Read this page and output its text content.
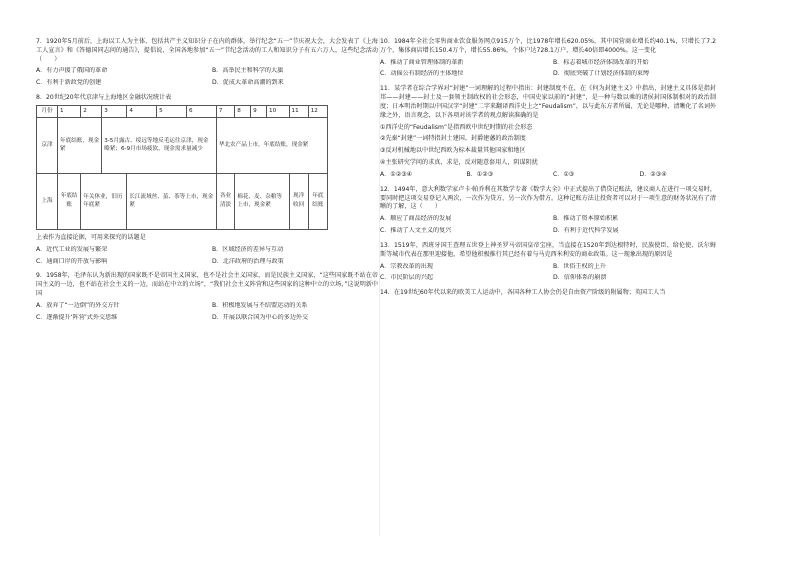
7．1920年5月前后，上海以工人为主体，包括共产主义知识分子在内的群体，举行纪念“五一”节庆祝大会，大会发表了《上海工人宣言》和《答德国同志问的通告》，提倡说，全国各地参加“五一”节纪念活动的工人和知识分子有五六万人，这些纪念活动（　　）

A．有力声援了俄国的革命	B．高举民主和科学的大旗
C．有利于新政党的创建	D．促成大革命高潮的到来

8．20世纪20年代京津与上海地区金融状况统计表

月份	1	2	3	4	5	6	7	8	9	10	11	12
京津	年底结账，现金紧		3-5月露古、绥远等地反毛运往京津，现金略紧；6-9月市场疲软，现金需求量减少				华北农产品上市，年底结账，现金紧					
上海	年底结账	年关休业，旧历年底紧		长江流域丝、茧、茶等上市，现金紧			各业清淡	棉花、麦、杂粮等上市，现金紧			现洋收回	年底结账

上表作为直接论据，可用来探究的话题是

A．近代工业的发展与繁荣	B．区域经济的差异与互动
C．通商口岸的开放与影响	D．北洋政府的治理与政策

9．1958年，毛泽东认为新出现的国家既不是帝国主义国家，也不是社会主义国家，而是民族主义国家，“这些国家既不站在帝国主义的一边，也不站在社会主义的一边，而站在中立的立场”，“我们社会主义阵营和这些国家的这种中立的立场，”这说明新中国

A．放弃了“一边倒”的外交方针	B．积极地发展与不结盟运动的关系
C．逐渐提升‘阵营’式外交思维	D．开展以联合国为中心的多边外交

10．1984年全社会零售商业饮食服务网点915万个，比1978年增长620.05%，其中国营商业增长约40.1%，只增长了7.2万个，集体商店增长150.4万个，增长55.86%，个体户达728.1万户，增长40倍即4000%。这一变化

A．推动了商业管理体制的革新	B．标志着城市经济体制改革的开始
C．动摇公有制经济的主体地位	D．彻底突破了计划经济体制的束缚

11．某学者在综合学界对“封建”一词理解的过程中指出：封建制度不在，在《何为封建主义》中指出，封建主义具体是指封邦——封建——封土及一套领主制政权的社会形态，中国史家以前的“封建”，是一种与数以乘的诸侯封国体制相对的政治制度；日本明治时期以中国汉字“封建”二字来翻译西洋史上之“Feudalism”，以与此东方者所属，无论是哪种，清晰化了名词外缘之外，语言观念，以下各项对该学者的观点解读准确的是

①西洋史的“Feudalism”是指西欧中世纪时期的社会形态

②先秦“封建”一词特指封土建国、封爵建藩的政治制度

③反对机械地以中世纪西欧为标本裁量其他国家和地区

④主张研究学问的求真、求是，反对随意套用人，阴谋阴扰

A．①②③④	B．①②③	C．①③	D．②③④

12．1494年，意大利数学家卢卡·帕乔利在其数学专著《数学大全》中正式提出了借贷记账法，建议商人在进行一项交易时，要同时把这项交易登记入两次，一次作为贷方，另一次作为借方。这种记账方法让投资者可以对于一项生意的财务状况有了清晰的了解，这（　　）

A．顺应了商品经济的发展	B．推动了资本原始积累
C．推动了人文主义的复兴	D．有利于近代科学发展

13．1519年，西班牙国王查理五世登上神圣罗马帝国皇帝宝座，当直接在1520年到达根特时，民族使臣、给伦使、沃尔姆斯等城市代表在那里迎接他，希望他积极推行其已经有着与马克西米利安的商业政策。这一现象出现的原因是

A．宗教改革的出现	B．世俗王权的上升
C．市民阶层的兴起	D．信仰体系的崩溃

14．在19世纪60年代以来的欧美工人运动中，各国各种工人协会仍是自由资产阶级的附属物；英国工人当
